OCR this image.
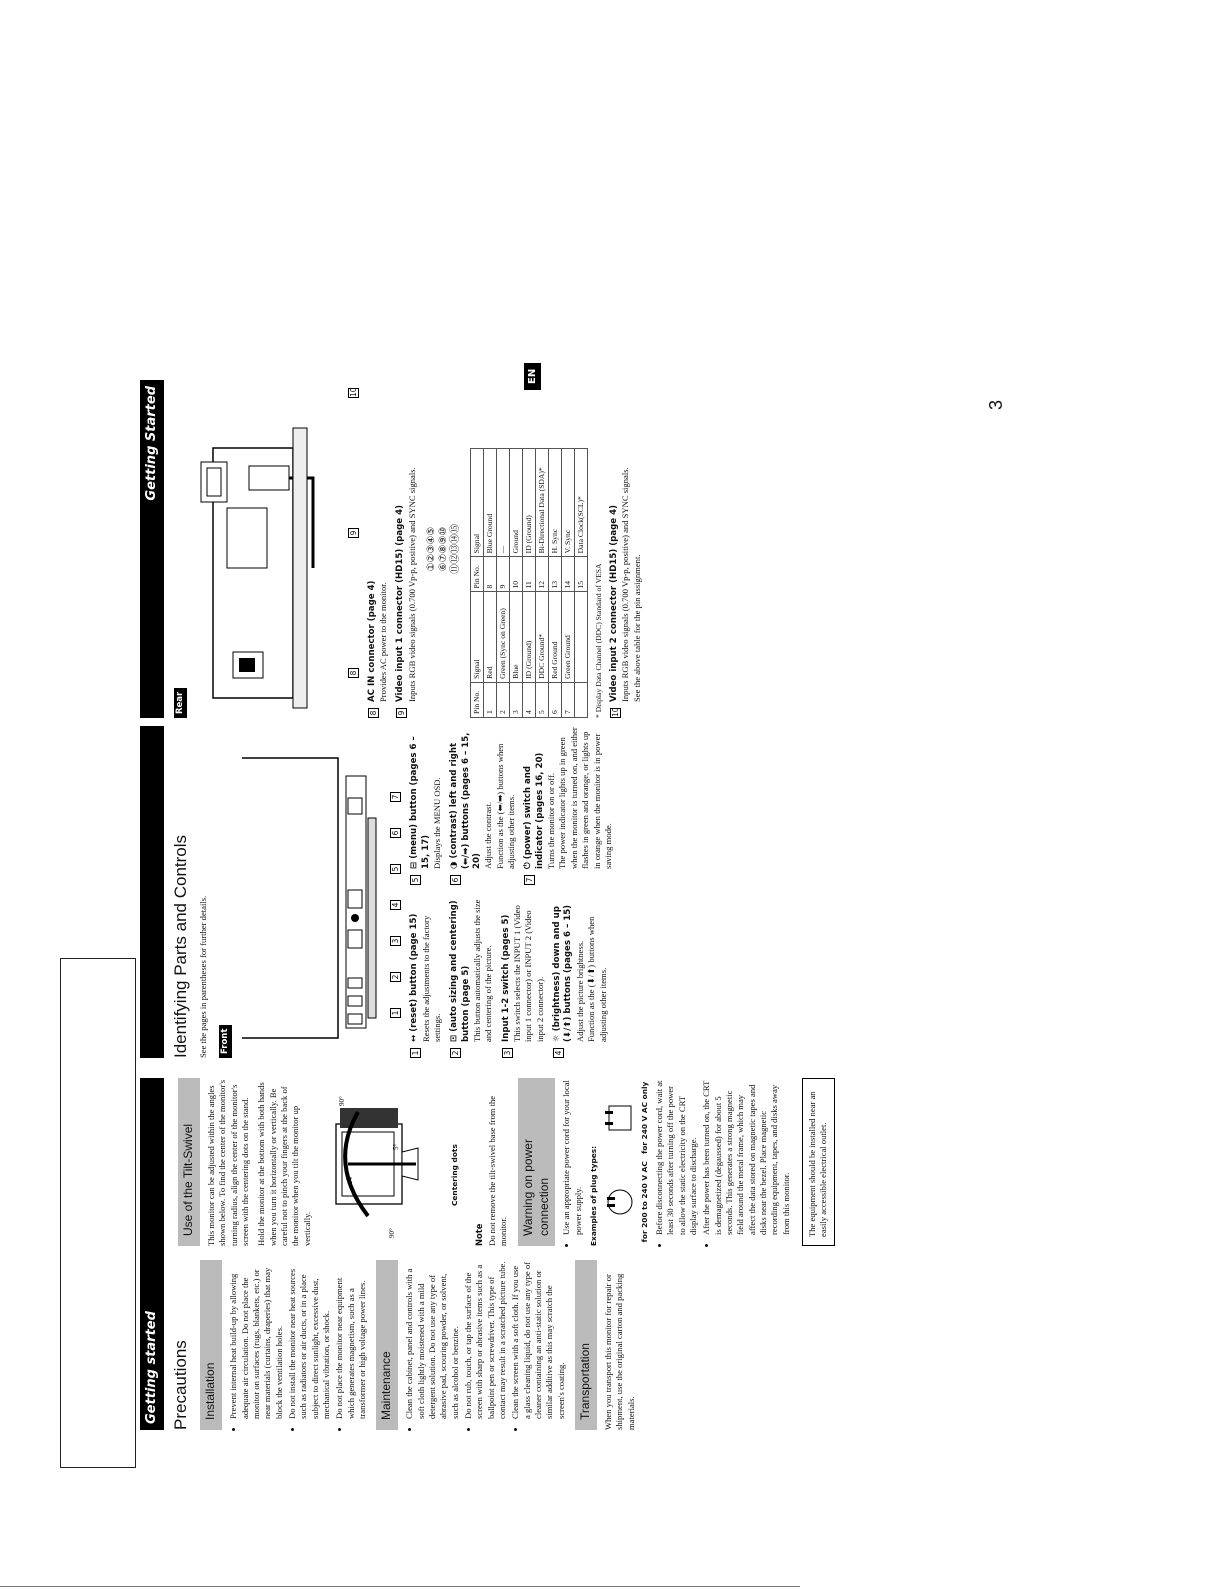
Getting started
Getting Started
Precautions Installation	• Prevent internal heat build-up by allowing adequate air circulation. Do not place the monitor on surfaces (rugs, blankets, etc.) or near materials (curtains, draperies) that may block the ventilation holes. • Do not install the monitor near heat sources such as radiators or air ducts, or in a place subject to direct sunlight, excessive dust, mechanical vibration, or shock. • Do not place the monitor near equipment which generates magnetism, such as a transformer or high voltage power lines. Maintenance	• Clean the cabinet, panel and controls with a soft cloth lightly moistened with a mild detergent solution. Do not use any type of abrasive pad, scouring powder, or solvent, such as alcohol or benzine. • Do not rub, touch, or tap the surface of the screen with sharp or abrasive items such as a ballpoint pen or screwdriver. This type of contact may result in a scratched picture tube. • Clean the screen with a soft cloth. If you use a glass cleaning liquid, do not use any type of cleaner containing an anti-static solution or similar additive as this may scratch the screen's coating. Transportation	When you transport this monitor for repair or shipment, use the original carton and packing materials.

Use of the Tilt-Swivel	This monitor can be adjusted within the angles shown below. To find the center of the monitor's turning radius, align the center of the monitor's screen with the centering dots on the stand. Hold the monitor at the bottom with both hands when you turn it horizontally or vertically. Be careful not to pinch your fingers at the back of the monitor when you tilt the monitor up vertically.	90°
90°
14°
5°	Centering dots
Note Do not remove the tilt-swivel base from the monitor. Warning on power connection	• Use an appropriate power cord for your local power supply. Examples of plug types:	for 200 to 240 V AC
for 240 V AC only • Before disconnecting the power cord, wait at least 30 seconds after turning off the power to allow the static electricity on the CRT display surface to discharge. • After the power has been turned on, the CRT is demagnetized (degaussed) for about 5 seconds. This generates a strong magnetic field around the metal frame, which may affect the data stored on magnetic tapes and disks near the bezel. Place magnetic recording equipment, tapes, and disks away from this monitor.	The equipment should be installed near an easily accessible electrical outlet.
Identifying Parts and Controls See the pages in parentheses for further details. Front
1
2
3
4
5
6
7
1
↔ (reset) button (page 15) Resets the adjustments to the factory settings.
2
⊡ (auto sizing and centering) button (page 5) This button automatically adjusts the size and centering of the picture.
3
Input 1-2 switch (pages 5) This switch selects the INPUT 1 (Video input 1 connector) or INPUT 2 (Video input 2 connector).
4
☼ (brightness) down and up (⬇/⬆) buttons (pages 6 – 15) Adjust the picture brightness. Function as the (⬇/⬆) buttons when adjusting other items.
5
⊟ (menu) button (pages 6 – 15, 17) Displays the MENU OSD.
6
◑ (contrast) left and right (⬅/➡) buttons (pages 6 – 15, 20) Adjust the contrast. Function as the (⬅/➡) buttons when adjusting other items.
7
⏻ (power) switch and indicator (pages 16, 20) Turns the monitor on or off. The power indicator lights up in green when the monitor is turned on, and either flashes in green and orange, or lights up in orange when the monitor is in power saving mode.
Rear
8
9
10
8
AC IN connector (page 4) Provides AC power to the monitor.
9
Video input 1 connector (HD15) (page 4) Inputs RGB video signals (0.700 Vp-p, positive) and SYNC signals. ①②③④⑤ ⑥⑦⑧⑨⑩ ⑪⑫⑬⑭⑮
Pin No.	Signal	Pin No.	Signal
1	Red	8	Blue Ground
2	Green (Sync on Green)	9	—
3	Blue	10	Ground
4	ID (Ground)	11	ID (Ground)
5	DDC Ground*	12	Bi-Directional Data (SDA)*
6	Red Ground	13	H. Sync
7	Green Ground	14	V. Sync
		15	Data Clock(SCL)*

* Display Data Channel (DDC) Standard of VESA 10
Video input 2 connector (HD15) (page 4) Inputs RGB video signals (0.700 Vp-p, positive) and SYNC signals. See the above table for the pin assignment.
EN
3
